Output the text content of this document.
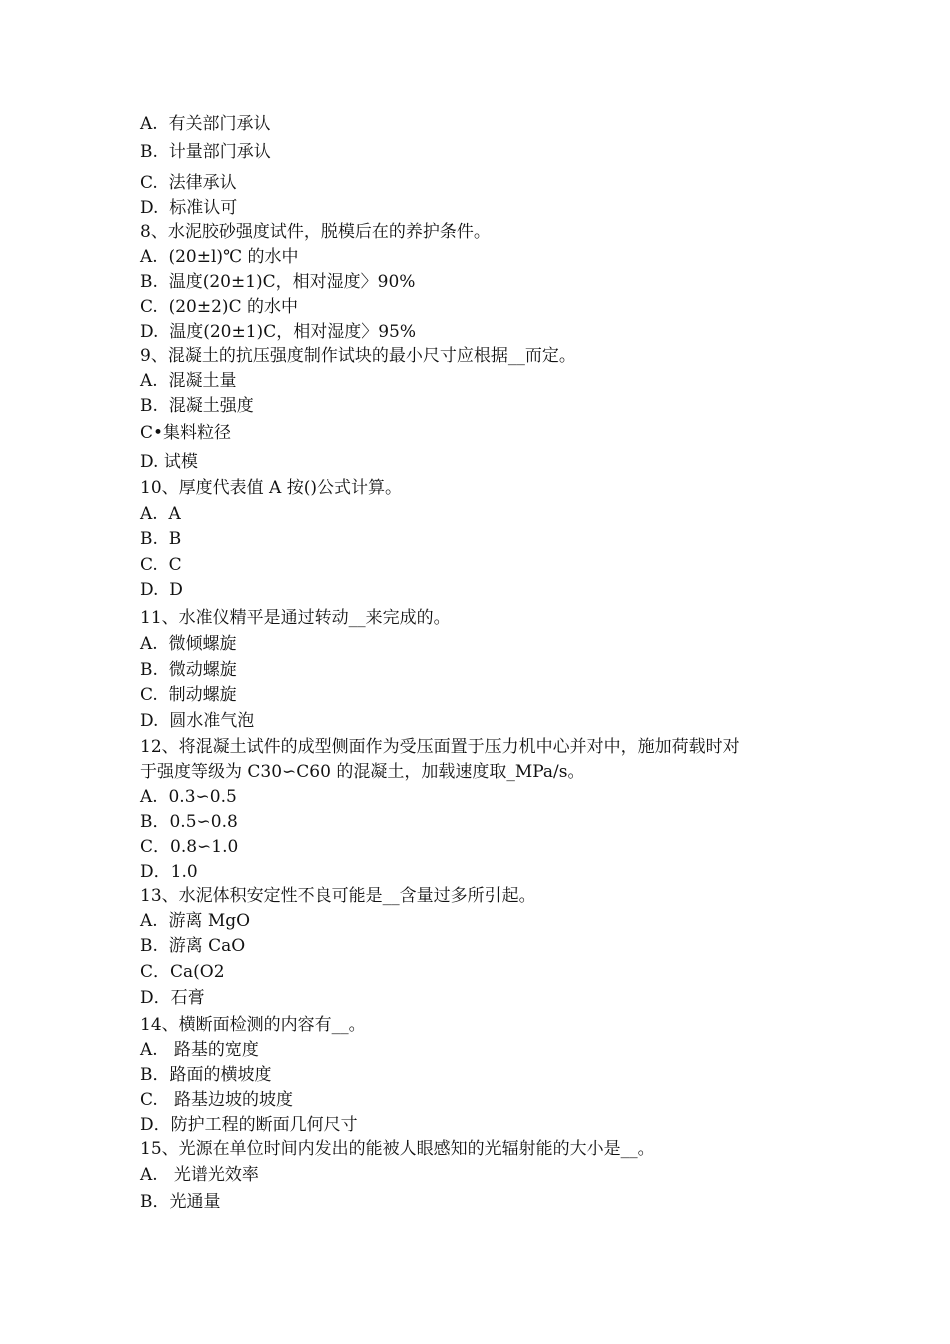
A.  有关部门承认

B.  计量部门承认

C.  法律承认

D.  标准认可

8、水泥胶砂强度试件，脱模后在的养护条件。

A.  (20±l)℃ 的水中

B.  温度(20±1)C，相对湿度〉90%

C.  (20±2)C 的水中

D.  温度(20±1)C，相对湿度〉95%

9、混凝土的抗压强度制作试块的最小尺寸应根据__而定。

A.  混凝土量

B.  混凝土强度

C•集料粒径

D. 试模

10、厚度代表值 A 按()公式计算。

A.  A

B.  B

C.  C

D.  D

11、水准仪精平是通过转动__来完成的。

A.  微倾螺旋

B.  微动螺旋

C.  制动螺旋

D.  圆水准气泡

12、将混凝土试件的成型侧面作为受压面置于压力机中心并对中，施加荷载时对

于强度等级为 C30∽C60 的混凝土，加载速度取_MPa/s。

A.  0.3∽0.5

B．0.5∽0.8

C．0.8∽1.0

D．1.0

13、水泥体积安定性不良可能是__含量过多所引起。

A.  游离 MgO

B.  游离 CaO

C．Ca(O2

D．石膏

14、横断面检测的内容有__。

A.   路基的宽度

B．路面的横坡度

C.   路基边坡的坡度

D．防护工程的断面几何尺寸

15、光源在单位时间内发出的能被人眼感知的光辐射能的大小是__。

A.   光谱光效率

B．光通量
